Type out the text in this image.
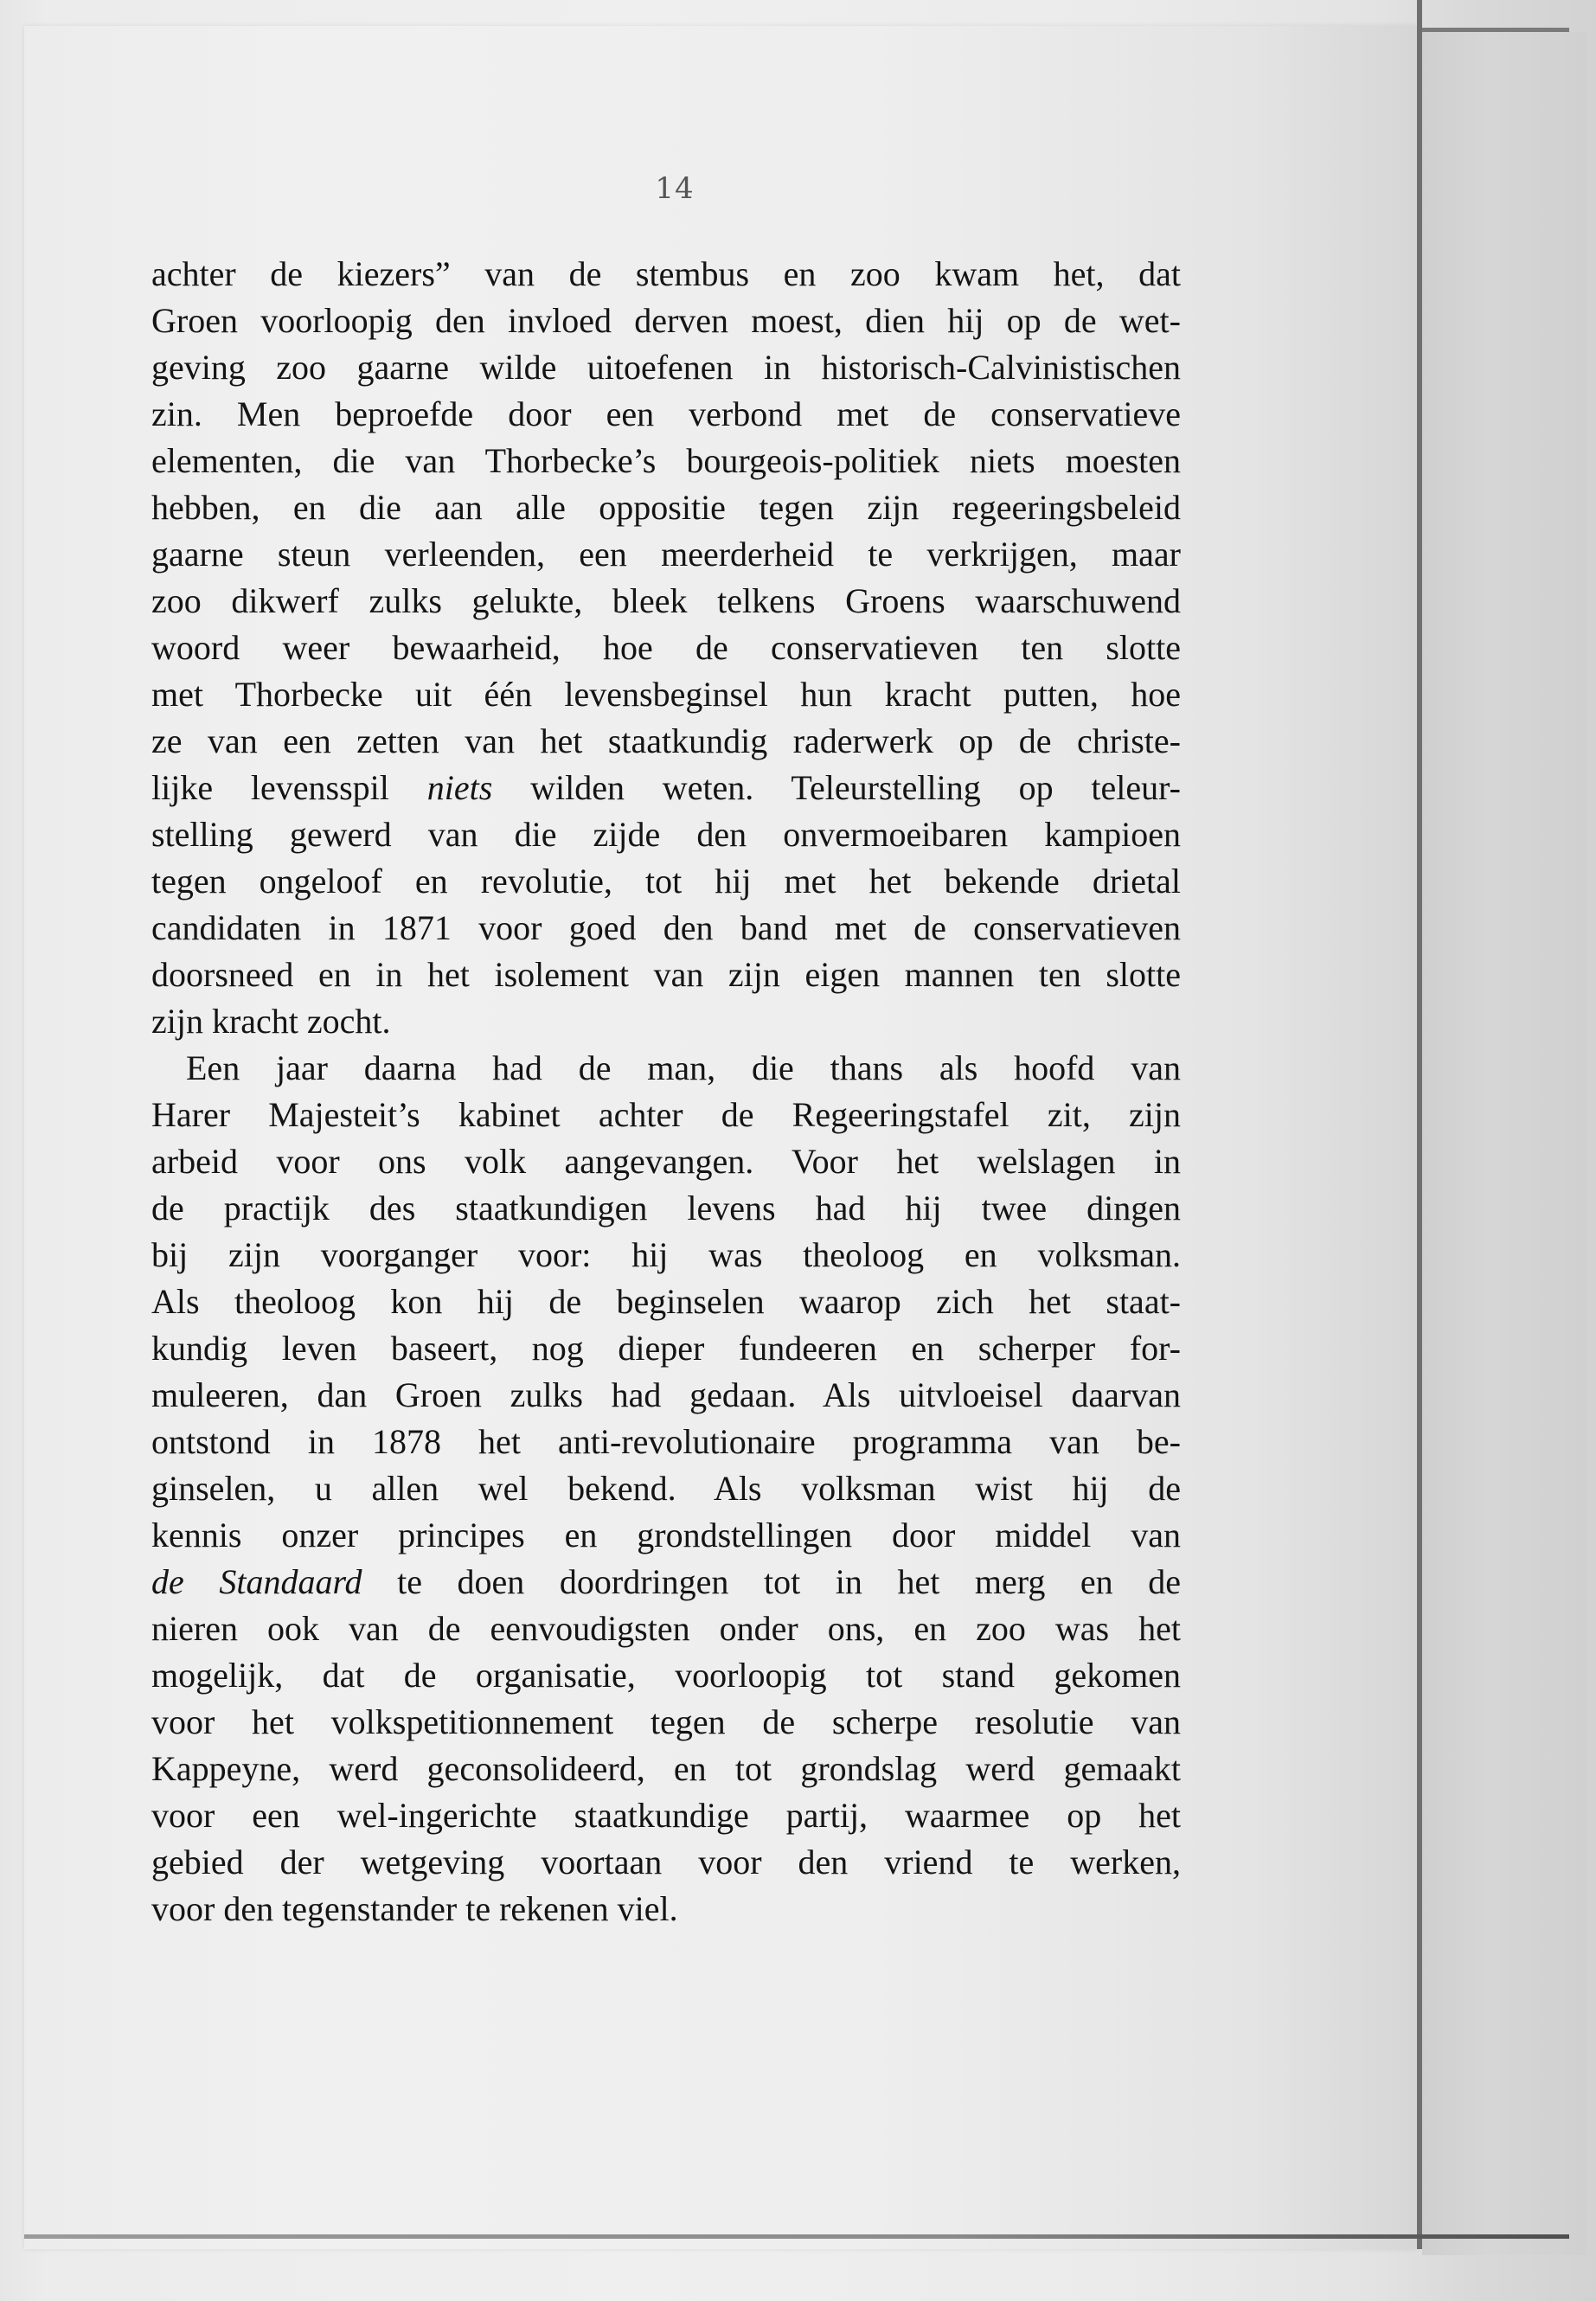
14
achter de kiezers” van de stembus en zoo kwam het, dat
Groen voorloopig den invloed derven moest, dien hij op de wet-
geving zoo gaarne wilde uitoefenen in historisch-Calvinistischen
zin. Men beproefde door een verbond met de conservatieve
elementen, die van Thorbecke’s bourgeois-politiek niets moesten
hebben, en die aan alle oppositie tegen zijn regeeringsbeleid
gaarne steun verleenden, een meerderheid te verkrijgen, maar
zoo dikwerf zulks gelukte, bleek telkens Groens waarschuwend
woord weer bewaarheid, hoe de conservatieven ten slotte
met Thorbecke uit één levensbeginsel hun kracht putten, hoe
ze van een zetten van het staatkundig raderwerk op de christe-
lijke levensspil niets wilden weten. Teleurstelling op teleur-
stelling gewerd van die zijde den onvermoeibaren kampioen
tegen ongeloof en revolutie, tot hij met het bekende drietal
candidaten in 1871 voor goed den band met de conservatieven
doorsneed en in het isolement van zijn eigen mannen ten slotte
zijn kracht zocht.
Een jaar daarna had de man, die thans als hoofd van
Harer Majesteit’s kabinet achter de Regeeringstafel zit, zijn
arbeid voor ons volk aangevangen. Voor het welslagen in
de practijk des staatkundigen levens had hij twee dingen
bij zijn voorganger voor: hij was theoloog en volksman.
Als theoloog kon hij de beginselen waarop zich het staat-
kundig leven baseert, nog dieper fundeeren en scherper for-
muleeren, dan Groen zulks had gedaan. Als uitvloeisel daarvan
ontstond in 1878 het anti-revolutionaire programma van be-
ginselen, u allen wel bekend. Als volksman wist hij de
kennis onzer principes en grondstellingen door middel van
de Standaard te doen doordringen tot in het merg en de
nieren ook van de eenvoudigsten onder ons, en zoo was het
mogelijk, dat de organisatie, voorloopig tot stand gekomen
voor het volkspetitionnement tegen de scherpe resolutie van
Kappeyne, werd geconsolideerd, en tot grondslag werd gemaakt
voor een wel-ingerichte staatkundige partij, waarmee op het
gebied der wetgeving voortaan voor den vriend te werken,
voor den tegenstander te rekenen viel.
